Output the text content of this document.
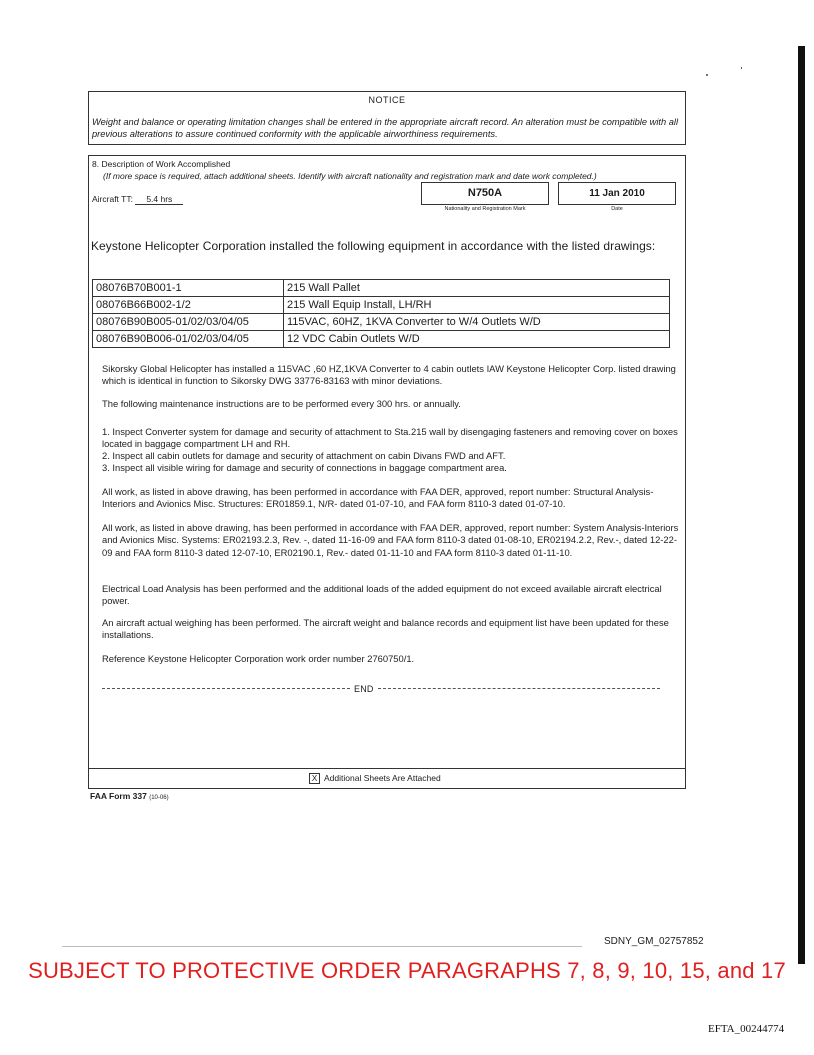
NOTICE
Weight and balance or operating limitation changes shall be entered in the appropriate aircraft record. An alteration must be compatible with all previous alterations to assure continued conformity with the applicable airworthiness requirements.
8. Description of Work Accomplished
(If more space is required, attach additional sheets. Identify with aircraft nationality and registration mark and date work completed.)
Aircraft TT: 5.4 hrs	N750A
Nationality and Registration Mark
11 Jan 2010
Date
Keystone Helicopter Corporation installed the following equipment in accordance with the listed drawings:
08076B70B001-1	215 Wall Pallet
08076B66B002-1/2	215 Wall Equip Install, LH/RH
08076B90B005-01/02/03/04/05	115VAC, 60HZ, 1KVA Converter to W/4 Outlets W/D
08076B90B006-01/02/03/04/05	12 VDC Cabin Outlets W/D
Sikorsky Global Helicopter has installed a 115VAC ,60 HZ,1KVA Converter to 4 cabin outlets IAW Keystone Helicopter Corp. listed drawing which is identical in function to Sikorsky DWG 33776-83163 with minor deviations.
The following maintenance instructions are to be performed every 300 hrs. or annually.
1. Inspect Converter system for damage and security of attachment to Sta.215 wall by disengaging fasteners and removing cover on boxes located in baggage compartment LH and RH.
2. Inspect all cabin outlets for damage and security of attachment on cabin Divans FWD and AFT.
3. Inspect all visible wiring for damage and security of connections in baggage compartment area.
All work, as listed in above drawing, has been performed in accordance with FAA DER, approved, report number: Structural Analysis-Interiors and Avionics Misc. Structures: ER01859.1, N/R- dated 01-07-10, and FAA form 8110-3 dated 01-07-10.
All work, as listed in above drawing, has been performed in accordance with FAA DER, approved, report number: System Analysis-Interiors and Avionics Misc. Systems: ER02193.2.3, Rev. -, dated 11-16-09 and FAA form 8110-3 dated 01-08-10, ER02194.2.2, Rev.-, dated 12-22-09 and FAA form 8110-3 dated 12-07-10, ER02190.1, Rev.- dated 01-11-10 and FAA form 8110-3 dated 01-11-10.
Electrical Load Analysis has been performed and the additional loads of the added equipment do not exceed available aircraft electrical power.
An aircraft actual weighing has been performed. The aircraft weight and balance records and equipment list have been updated for these installations.
Reference Keystone Helicopter Corporation work order number 2760750/1.
END
X Additional Sheets Are Attached
FAA Form 337 (10-06)
SDNY_GM_02757852
SUBJECT TO PROTECTIVE ORDER PARAGRAPHS 7, 8, 9, 10, 15, and 17
EFTA_00244774
